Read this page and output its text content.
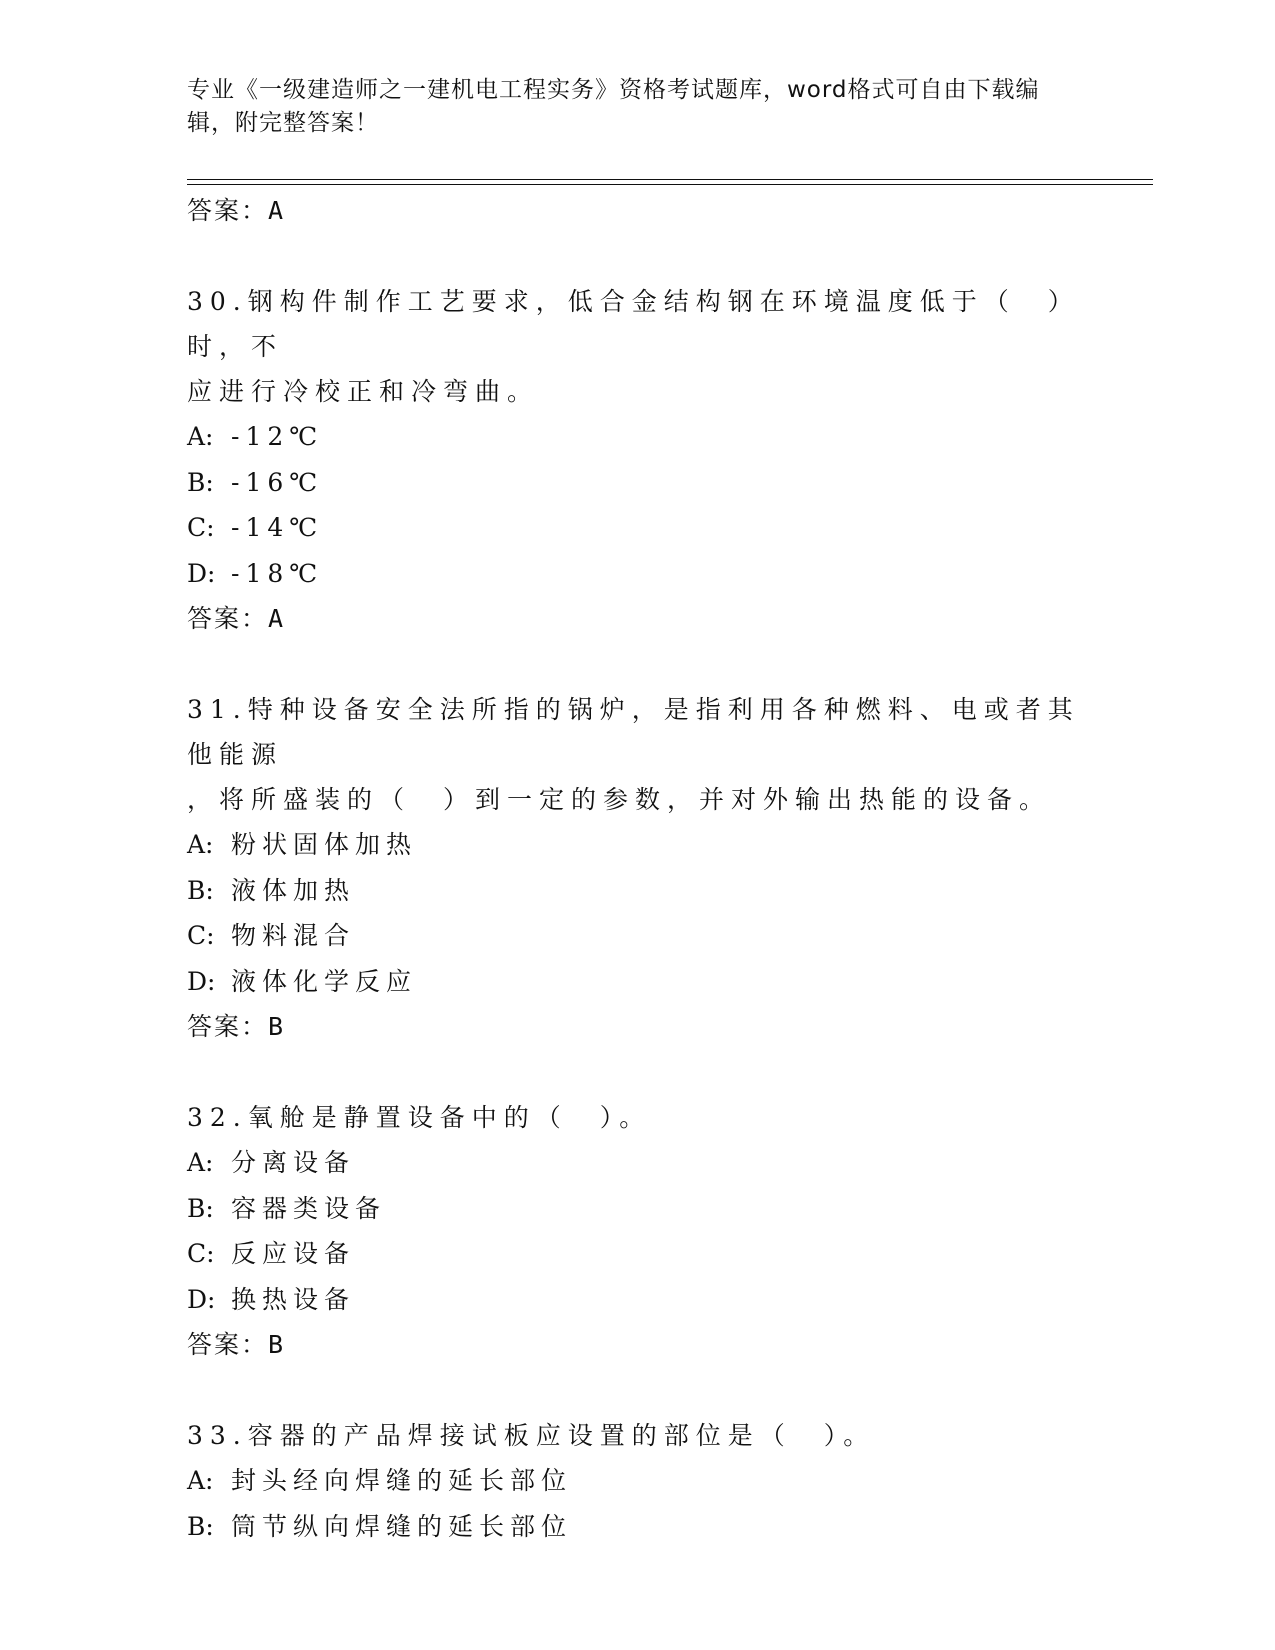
专业《一级建造师之一建机电工程实务》资格考试题库，word格式可自由下载编
辑，附完整答案！
答案：A
30.钢构件制作工艺要求，低合金结构钢在环境温度低于（　）时，不
应进行冷校正和冷弯曲。
A: -12℃
B: -16℃
C: -14℃
D: -18℃
答案：A
31.特种设备安全法所指的锅炉，是指利用各种燃料、电或者其他能源
，将所盛装的（　）到一定的参数，并对外输出热能的设备。
A: 粉状固体加热
B: 液体加热
C: 物料混合
D: 液体化学反应
答案：B
32.氧舱是静置设备中的（　）。
A: 分离设备
B: 容器类设备
C: 反应设备
D: 换热设备
答案：B
33.容器的产品焊接试板应设置的部位是（　）。
A: 封头经向焊缝的延长部位
B: 筒节纵向焊缝的延长部位
